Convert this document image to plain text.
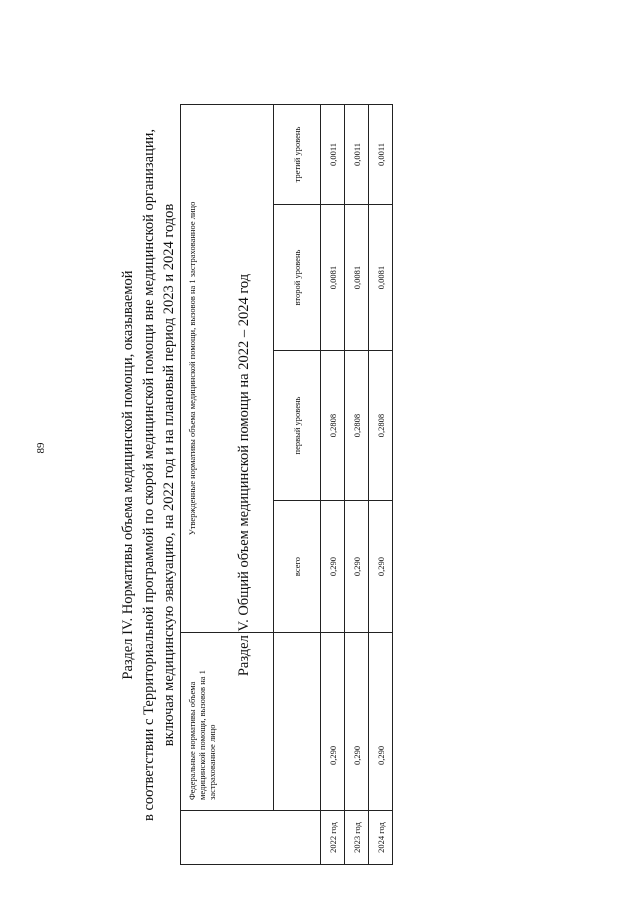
89	Раздел IV. Нормативы объема медицинской помощи, оказываемой в соответствии с Территориальной программой по скорой медицинской помощи вне медицинской организации, включая медицинскую эвакуацию, на 2022 год и на плановый период 2023 и 2024 годов
	Федеральные нормативы объема медицинской помощи, вызовов на 1 застрахованное лицо	Утвержденные нормативы объема медицинской помощи, вызовов на 1 застрахованное лицо			
		всего	первый уровень	второй уровень	третий уровень
2022 год	0,290	0,290	0,2808	0,0081	0,0011
2023 год	0,290	0,290	0,2808	0,0081	0,0011
2024 год	0,290	0,290	0,2808	0,0081	0,0011
Раздел V. Общий объем медицинской помощи на 2022 – 2024 год
